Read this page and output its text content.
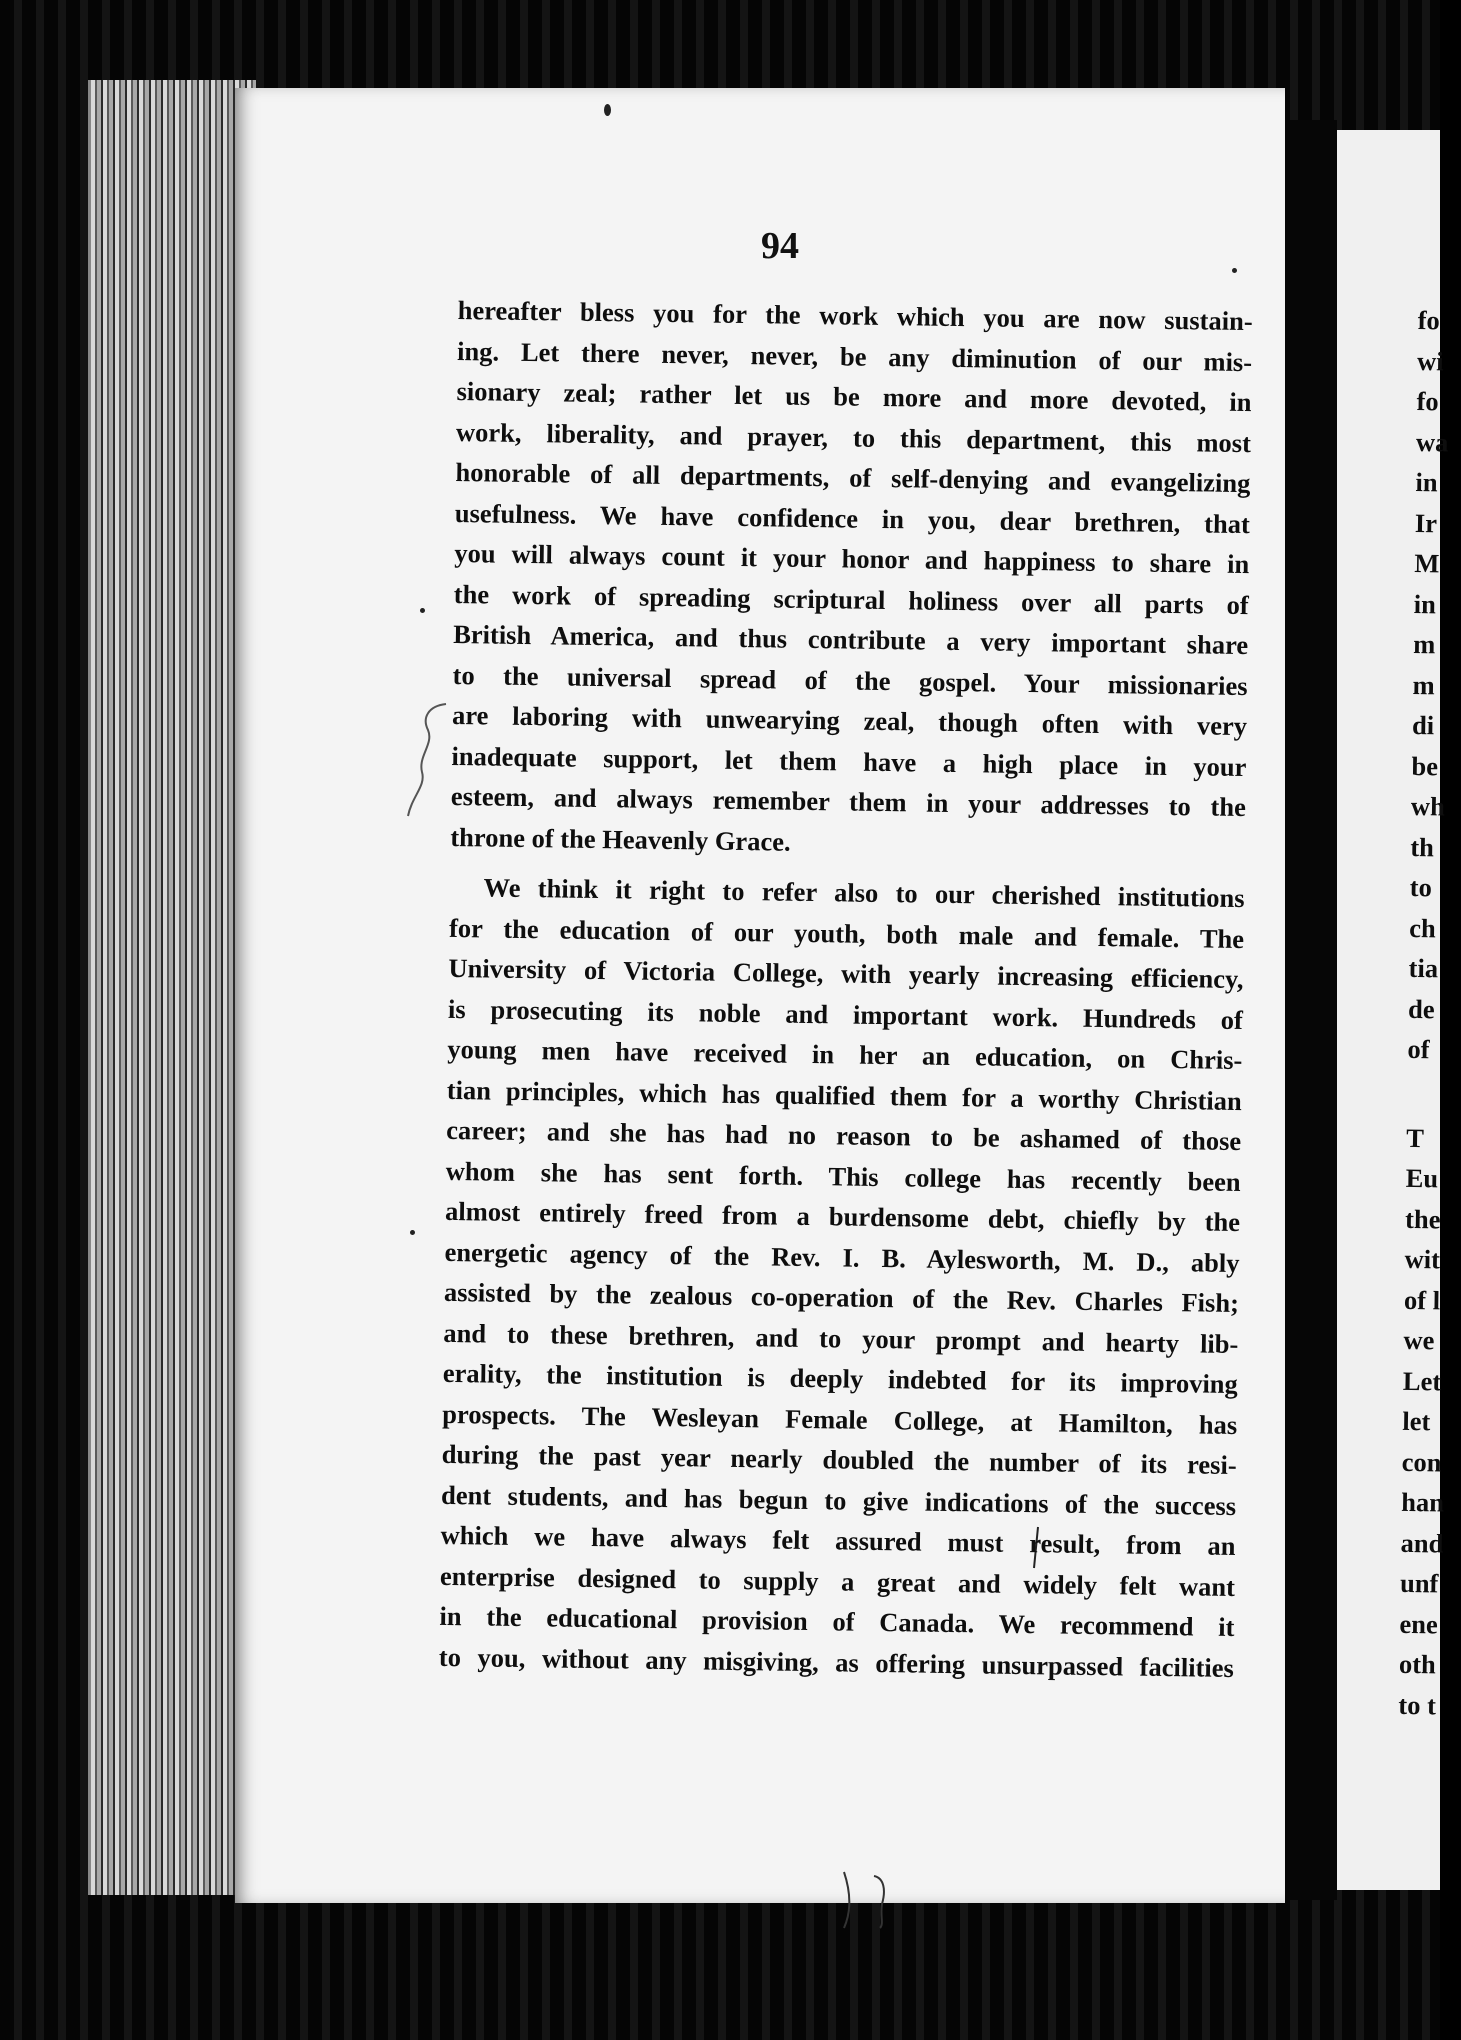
94
hereafter bless you for the work which you are now sustain-
ing. Let there never, never, be any diminution of our mis-
sionary zeal; rather let us be more and more devoted, in
work, liberality, and prayer, to this department, this most
honorable of all departments, of self-denying and evangelizing
usefulness. We have confidence in you, dear brethren, that
you will always count it your honor and happiness to share in
the work of spreading scriptural holiness over all parts of
British America, and thus contribute a very important share
to the universal spread of the gospel. Your missionaries
are laboring with unwearying zeal, though often with very
inadequate support, let them have a high place in your
esteem, and always remember them in your addresses to the
throne of the Heavenly Grace.
We think it right to refer also to our cherished institutions
for the education of our youth, both male and female. The
University of Victoria College, with yearly increasing efficiency,
is prosecuting its noble and important work. Hundreds of
young men have received in her an education, on Chris-
tian principles, which has qualified them for a worthy Christian
career; and she has had no reason to be ashamed of those
whom she has sent forth. This college has recently been
almost entirely freed from a burdensome debt, chiefly by the
energetic agency of the Rev. I. B. Aylesworth, M. D., ably
assisted by the zealous co-operation of the Rev. Charles Fish;
and to these brethren, and to your prompt and hearty lib-
erality, the institution is deeply indebted for its improving
prospects. The Wesleyan Female College, at Hamilton, has
during the past year nearly doubled the number of its resi-
dent students, and has begun to give indications of the success
which we have always felt assured must result, from an
enterprise designed to supply a great and widely felt want
in the educational provision of Canada. We recommend it
to you, without any misgiving, as offering unsurpassed facilities
fo
wi
fo
wa
in
Ir
M
in
m
m
di
be
wh
th
to
ch
tia
de
of
T
Eu
the
wit
of l
we
Let
let
con
han
and
unf
ene
oth
to t
